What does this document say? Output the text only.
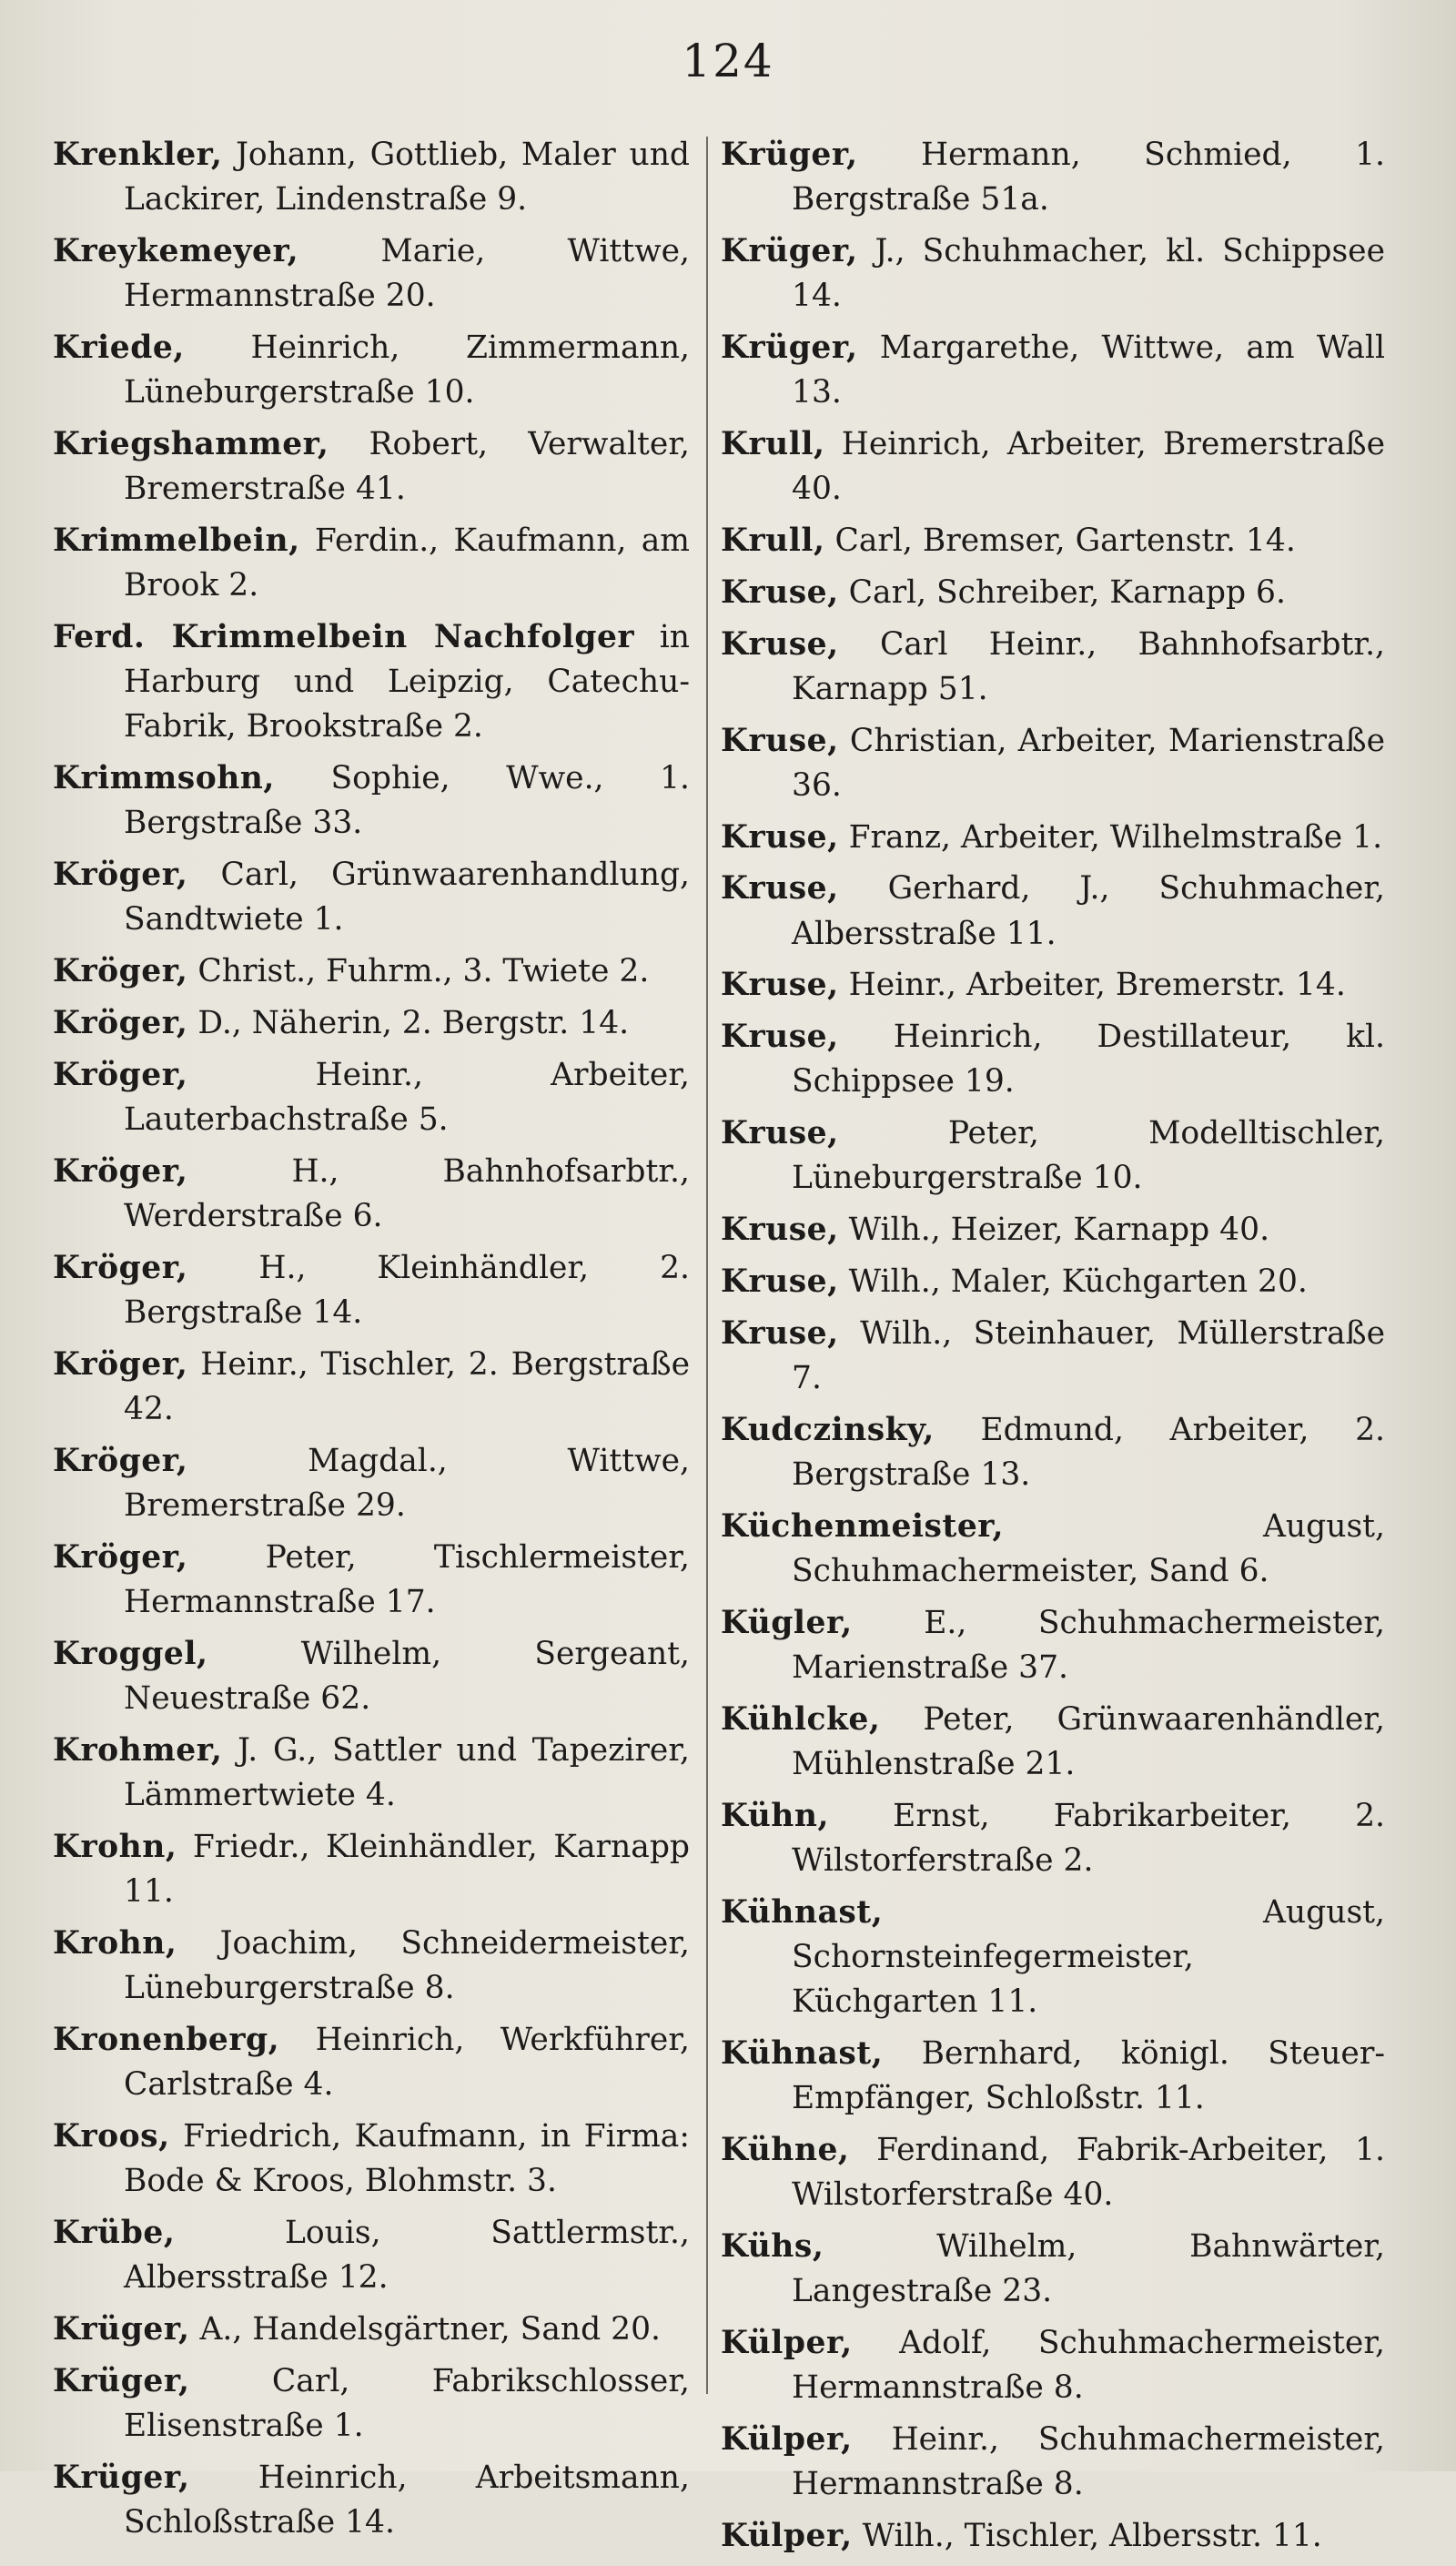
124

Krenkler, Johann, Gottlieb, Maler und Lackirer, Lindenstraße 9.

Kreykemeyer,	Marie, Wittwe, Hermannstraße 20.

Kriede, Heinrich, Zimmermann, Lüneburgerstraße 10.

Kriegshammer, Robert, Verwalter, Bremerstraße 41.

Krimmelbein, Ferdin., Kaufmann, am Brook 2.

Ferd. Krimmelbein Nachfolger in Harburg und Leipzig, Catechu-Fabrik, Brookstraße 2.

Krimmsohn, Sophie, Wwe., 1. Bergstraße 33.

Kröger, Carl, Grünwaarenhandlung, Sandtwiete 1.

Kröger, Christ., Fuhrm., 3. Twiete 2.

Kröger, D., Näherin, 2. Bergstr. 14.

Kröger,	Heinr., Arbeiter, Lauterbachstraße 5.

Kröger,	H., Bahnhofsarbtr., Werderstraße 6.

Kröger, H., Kleinhändler, 2. Bergstraße 14.

Kröger, Heinr., Tischler, 2. Bergstraße 42.

Kröger,	Magdal., Wittwe, Bremerstraße 29.

Kröger, Peter, Tischlermeister, Hermannstraße 17.

Kroggel,	Wilhelm, Sergeant, Neuestraße 62.

Krohmer, J. G., Sattler und Tapezirer, Lämmertwiete 4.

Krohn, Friedr., Kleinhändler, Karnapp 11.

Krohn, Joachim, Schneidermeister, Lüneburgerstraße 8.

Kronenberg, Heinrich, Werkführer, Carlstraße 4.

Kroos, Friedrich, Kaufmann, in Firma: Bode & Kroos, Blohmstr. 3.

Krübe,	Louis, Sattlermstr., Albersstraße 12.

Krüger, A., Handelsgärtner, Sand 20.

Krüger,	Carl, Fabrikschlosser, Elisenstraße 1.

Krüger, Heinrich, Arbeitsmann, Schloßstraße 14.

Krüger, Hermann, Schmied, 1. Bergstraße 51a.

Krüger, J., Schuhmacher, kl. Schippsee 14.

Krüger, Margarethe, Wittwe, am Wall 13.

Krull, Heinrich, Arbeiter, Bremerstraße 40.

Krull, Carl, Bremser, Gartenstr. 14.

Kruse, Carl, Schreiber, Karnapp 6.

Kruse, Carl Heinr., Bahnhofsarbtr., Karnapp 51.

Kruse, Christian, Arbeiter, Marienstraße 36.

Kruse, Franz, Arbeiter, Wilhelmstraße 1.

Kruse, Gerhard, J., Schuhmacher, Albersstraße 11.

Kruse, Heinr., Arbeiter, Bremerstr. 14.

Kruse, Heinrich, Destillateur, kl. Schippsee 19.

Kruse,	Peter, Modelltischler, Lüneburgerstraße 10.

Kruse, Wilh., Heizer, Karnapp 40.

Kruse, Wilh., Maler, Küchgarten 20.

Kruse, Wilh., Steinhauer, Müllerstraße 7.

Kudczinsky, Edmund, Arbeiter, 2. Bergstraße 13.

Küchenmeister,	August, Schuhmachermeister, Sand 6.

Kügler, E., Schuhmachermeister, Marienstraße 37.

Kühlcke, Peter, Grünwaarenhändler, Mühlenstraße 21.

Kühn, Ernst, Fabrikarbeiter, 2. Wilstorferstraße 2.

Kühnast,	August, Schornsteinfegermeister, Küchgarten 11.

Kühnast, Bernhard, königl. Steuer-Empfänger, Schloßstr. 11.

Kühne, Ferdinand, Fabrik-Arbeiter, 1. Wilstorferstraße 40.

Kühs,	Wilhelm, Bahnwärter, Langestraße 23.

Külper, Adolf, Schuhmachermeister, Hermannstraße 8.

Külper, Heinr., Schuhmachermeister, Hermannstraße 8.

Külper, Wilh., Tischler, Albersstr. 11.
